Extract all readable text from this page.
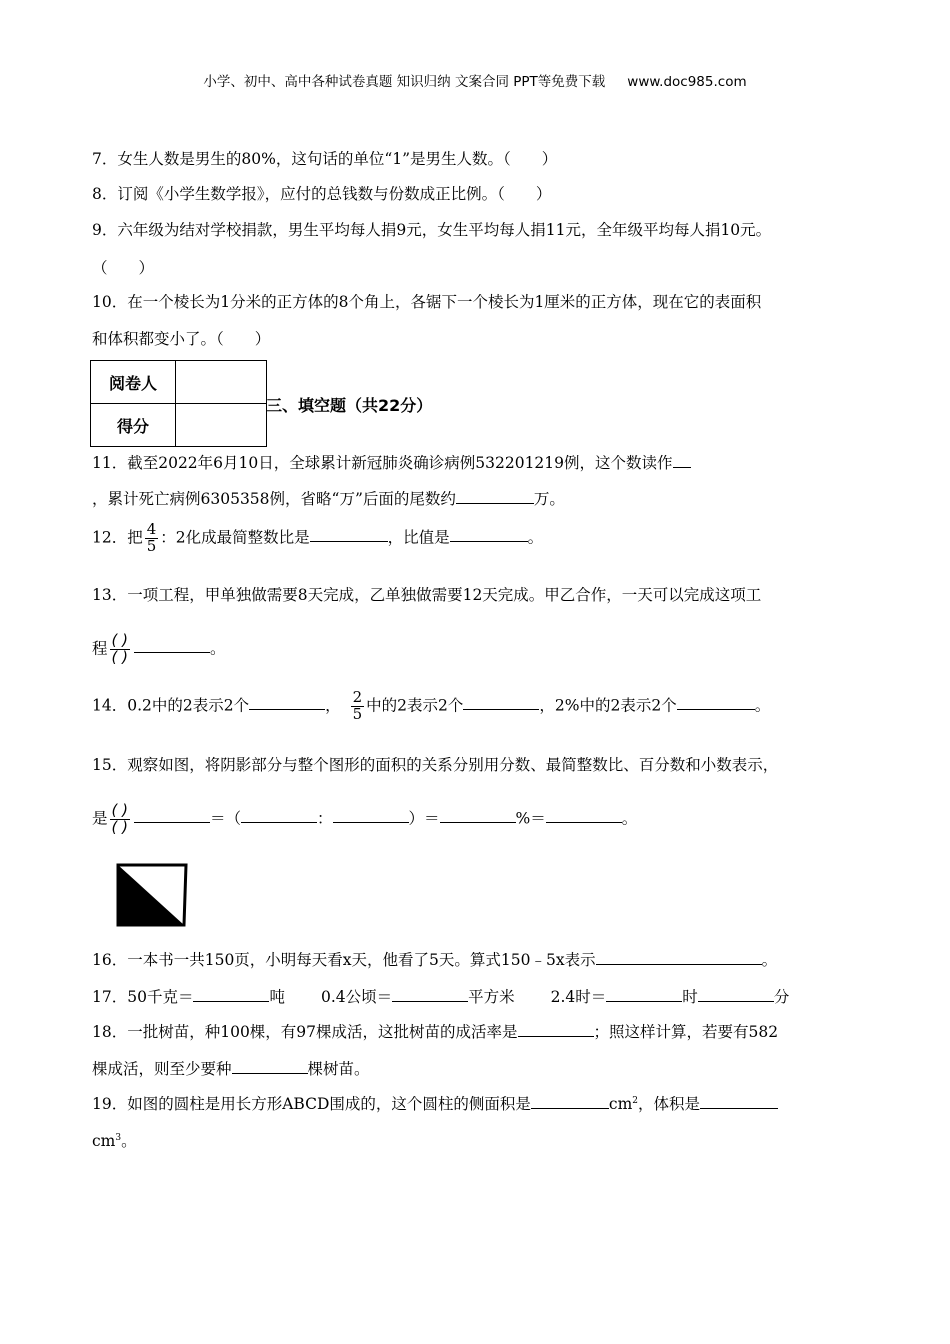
小学、初中、高中各种试卷真题 知识归纳 文案合同 PPT等免费下载 www.doc985.com
7．女生人数是男生的80%，这句话的单位“1”是男生人数。（　　）
8．订阅《小学生数学报》，应付的总钱数与份数成正比例。（　　）
9．六年级为结对学校捐款，男生平均每人捐9元，女生平均每人捐11元，全年级平均每人捐10元。
（　　）
10．在一个棱长为1分米的正方体的8个角上，各锯下一个棱长为1厘米的正方体，现在它的表面积
和体积都变小了。（　　）
阅卷人	
得分	
三、填空题（共22分）
11．截至2022年6月10日，全球累计新冠肺炎确诊病例532201219例，这个数读作
，累计死亡病例6305358例，省略“万”后面的尾数约	万。
12．把 $\frac{4}{5}$ ：2化成最简整数比是	，比值是	。
13．一项工程，甲单独做需要8天完成，乙单独做需要12天完成。甲乙合作，一天可以完成这项工
程 $\frac{( )}{( )}$	。
14．0.2中的2表示2个	， $\frac{2}{5}$ 中的2表示2个	，2%中的2表示2个	。
15．观察如图，将阴影部分与整个图形的面积的关系分别用分数、最简整数比、百分数和小数表示，
是 $\frac{( )}{( )}$	＝（	：	）＝	%＝	。
16．一本书一共150页，小明每天看x天，他看了5天。算式150﹣5x表示	。
17．50千克＝	吨 0.4公顷＝	平方米 2.4时＝	时	分
18．一批树苗，种100棵，有97棵成活，这批树苗的成活率是	；照这样计算，若要有582
棵成活，则至少要种	棵树苗。
19．如图的圆柱是用长方形ABCD围成的，这个圆柱的侧面积是	$cm^2$，体积是
$cm^3$。
